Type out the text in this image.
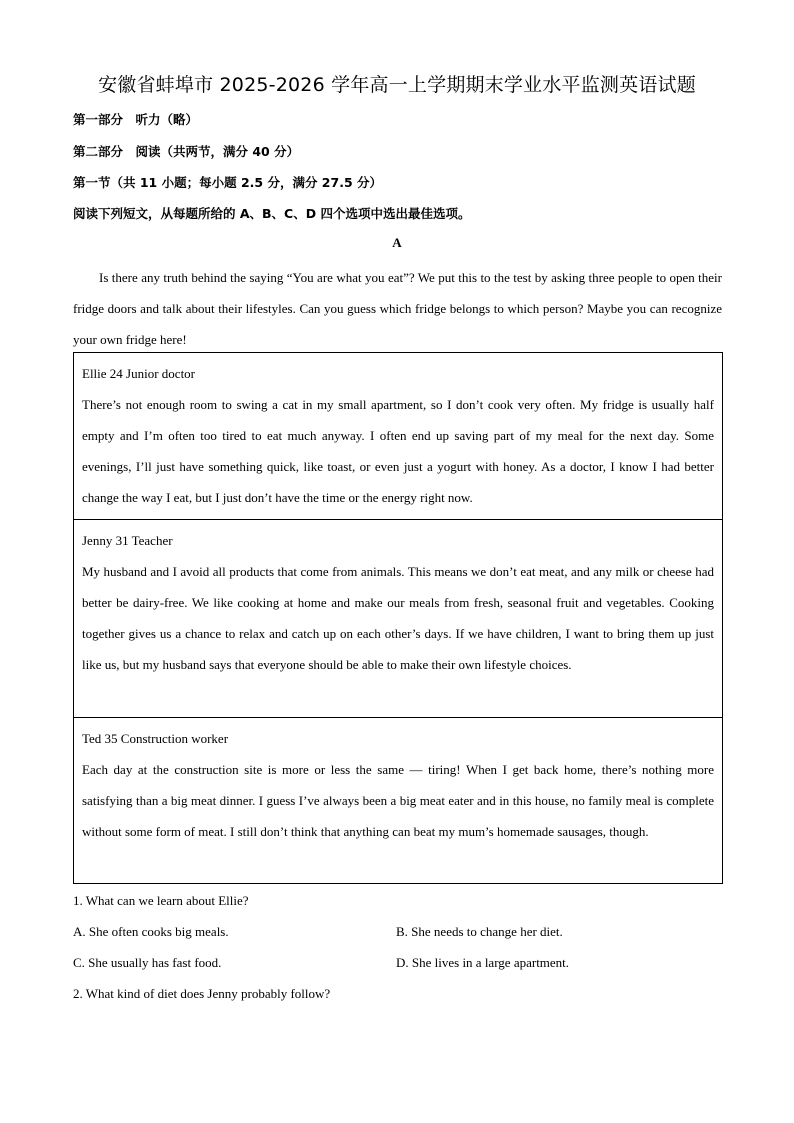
安徽省蚌埠市 2025-2026 学年高一上学期期末学业水平监测英语试题
第一部分　听力（略）
第二部分　阅读（共两节，满分 40 分）
第一节（共 11 小题；每小题 2.5 分，满分 27.5 分）
阅读下列短文，从每题所给的 A、B、C、D 四个选项中选出最佳选项。
A

Is there any truth behind the saying “You are what you eat”? We put this to the test by asking three people to open their fridge doors and talk about their lifestyles. Can you guess which fridge belongs to which person? Maybe you can recognize your own fridge here!

Ellie 24 Junior doctor

There’s not enough room to swing a cat in my small apartment, so I don’t cook very often. My fridge is usually half empty and I’m often too tired to eat much anyway. I often end up saving part of my meal for the next day. Some evenings, I’ll just have something quick, like toast, or even just a yogurt with honey. As a doctor, I know I had better change the way I eat, but I just don’t have the time or the energy right now.

Jenny 31 Teacher

My husband and I avoid all products that come from animals. This means we don’t eat meat, and any milk or cheese had better be dairy-free. We like cooking at home and make our meals from fresh, seasonal fruit and vegetables. Cooking together gives us a chance to relax and catch up on each other’s days. If we have children, I want to bring them up just like us, but my husband says that everyone should be able to make their own lifestyle choices.

Ted 35 Construction worker

Each day at the construction site is more or less the same — tiring! When I get back home, there’s nothing more satisfying than a big meat dinner. I guess I’ve always been a big meat eater and in this house, no family meal is complete without some form of meat. I still don’t think that anything can beat my mum’s homemade sausages, though.

1. What can we learn about Ellie?
A. She often cooks big meals.	B. She needs to change her diet.
C. She usually has fast food.	D. She lives in a large apartment.
2. What kind of diet does Jenny probably follow?
